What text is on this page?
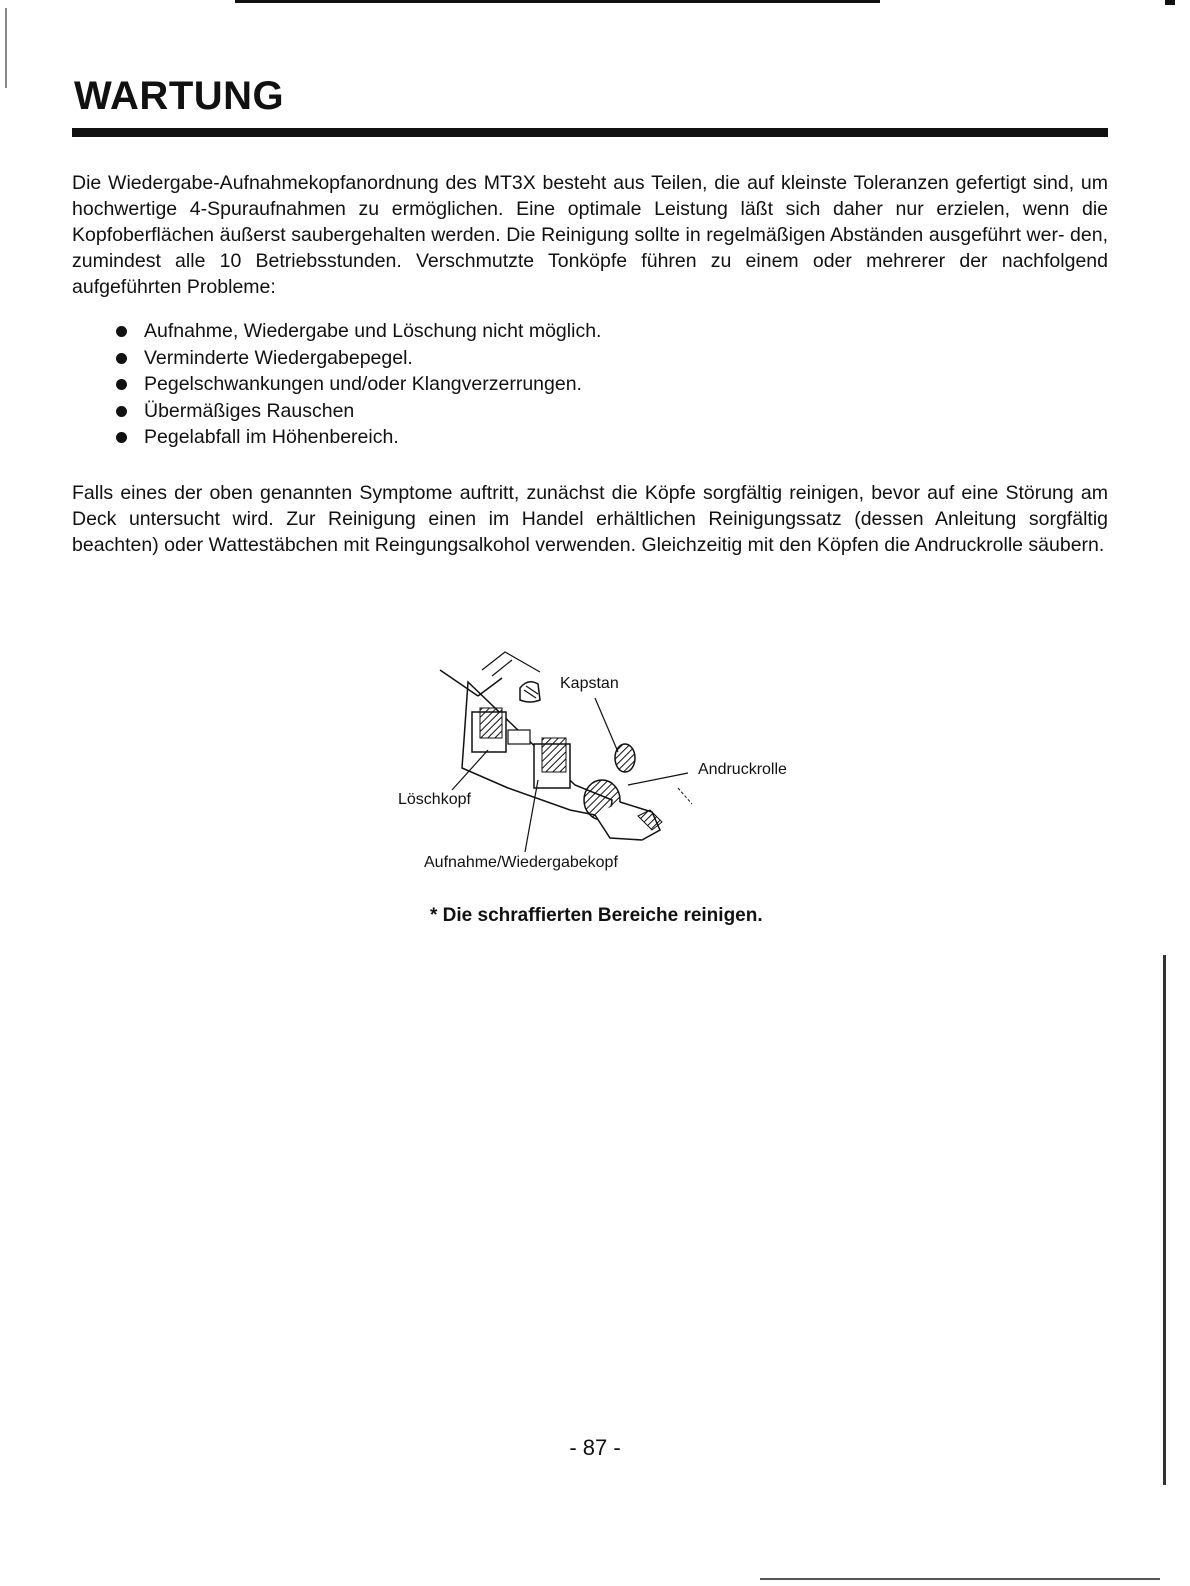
WARTUNG

Die Wiedergabe-Aufnahmekopfanordnung des MT3X besteht aus Teilen, die auf kleinste Toleranzen gefertigt sind, um hochwertige 4-Spuraufnahmen zu ermöglichen. Eine optimale Leistung läßt sich daher nur erzielen, wenn die Kopfoberflächen äußerst saubergehalten werden. Die Reinigung sollte in regelmäßigen Abständen ausgeführt wer- den, zumindest alle 10 Betriebsstunden. Verschmutzte Tonköpfe führen zu einem oder mehrerer der nachfolgend aufgeführten Probleme:

Aufnahme, Wiedergabe und Löschung nicht möglich.
Verminderte Wiedergabepegel.
Pegelschwankungen und/oder Klangverzerrungen.
Übermäßiges Rauschen
Pegelabfall im Höhenbereich.

Falls eines der oben genannten Symptome auftritt, zunächst die Köpfe sorgfältig reinigen, bevor auf eine Störung am Deck untersucht wird. Zur Reinigung einen im Handel erhältlichen Reinigungssatz (dessen Anleitung sorgfältig beachten) oder Wattestäbchen mit Reingungsalkohol verwenden. Gleichzeitig mit den Köpfen die Andruckrolle säubern.

Kapstan
Andruckrolle
Löschkopf
Aufnahme/Wiedergabekopf

* Die schraffierten Bereiche reinigen.

- 87 -
